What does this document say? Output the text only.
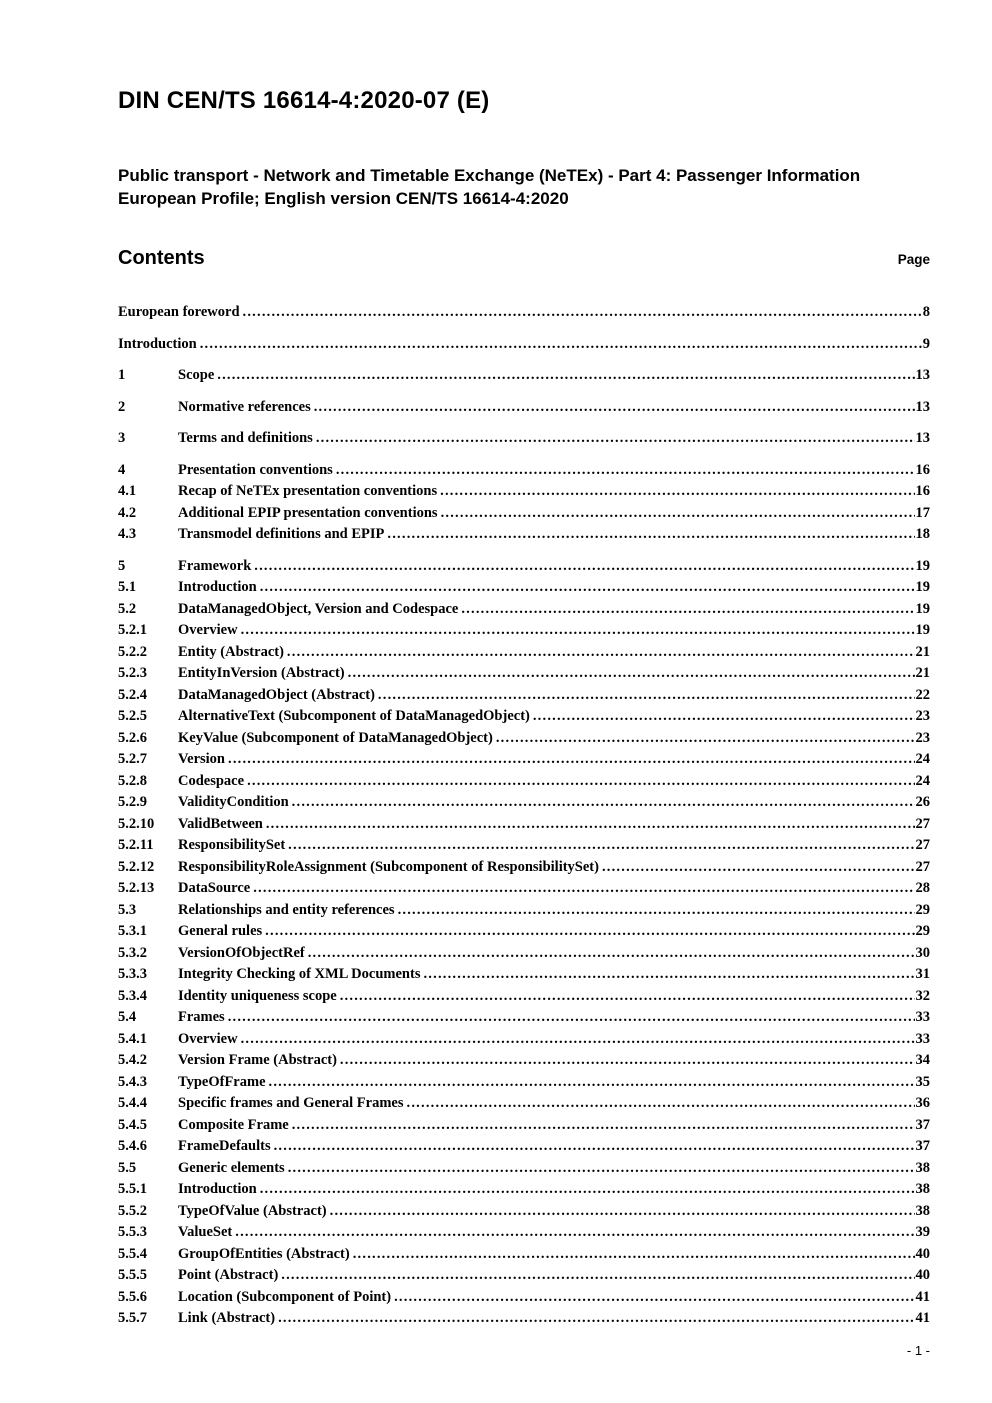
DIN CEN/TS 16614-4:2020-07 (E)
Public transport - Network and Timetable Exchange (NeTEx) - Part 4: Passenger Information European Profile; English version CEN/TS 16614-4:2020
Contents	Page
European foreword .....	8
Introduction .....	9
1	Scope .....	13
2	Normative references .....	13
3	Terms and definitions .....	13
4	Presentation conventions .....	16
4.1	Recap of NeTEx presentation conventions .....	16
4.2	Additional EPIP presentation conventions .....	17
4.3	Transmodel definitions and EPIP .....	18
5	Framework .....	19
5.1	Introduction .....	19
5.2	DataManagedObject, Version and Codespace .....	19
5.2.1	Overview .....	19
5.2.2	Entity (Abstract) .....	21
5.2.3	EntityInVersion (Abstract) .....	21
5.2.4	DataManagedObject (Abstract) .....	22
5.2.5	AlternativeText (Subcomponent of DataManagedObject) .....	23
5.2.6	KeyValue (Subcomponent of DataManagedObject) .....	23
5.2.7	Version .....	24
5.2.8	Codespace .....	24
5.2.9	ValidityCondition .....	26
5.2.10	ValidBetween .....	27
5.2.11	ResponsibilitySet .....	27
5.2.12	ResponsibilityRoleAssignment (Subcomponent of ResponsibilitySet) .....	27
5.2.13	DataSource .....	28
5.3	Relationships and entity references .....	29
5.3.1	General rules .....	29
5.3.2	VersionOfObjectRef .....	30
5.3.3	Integrity Checking of XML Documents .....	31
5.3.4	Identity uniqueness scope .....	32
5.4	Frames .....	33
5.4.1	Overview .....	33
5.4.2	Version Frame (Abstract) .....	34
5.4.3	TypeOfFrame .....	35
5.4.4	Specific frames and General Frames .....	36
5.4.5	Composite Frame .....	37
5.4.6	FrameDefaults .....	37
5.5	Generic elements .....	38
5.5.1	Introduction .....	38
5.5.2	TypeOfValue (Abstract) .....	38
5.5.3	ValueSet .....	39
5.5.4	GroupOfEntities (Abstract) .....	40
5.5.5	Point (Abstract) .....	40
5.5.6	Location (Subcomponent of Point) .....	41
5.5.7	Link (Abstract) .....	41
- 1 -
